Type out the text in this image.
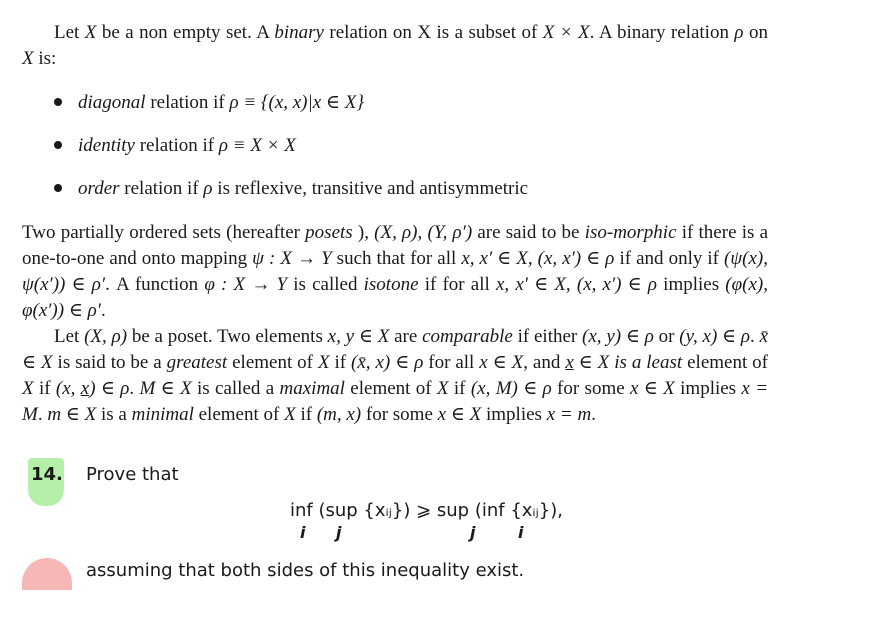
Let X be a non empty set. A binary relation on X is a subset of X × X. A binary relation ρ on X is:
diagonal relation if ρ ≡ {(x, x)|x ∈ X}
identity relation if ρ ≡ X × X
order relation if ρ is reflexive, transitive and antisymmetric
Two partially ordered sets (hereafter posets ), (X, ρ), (Y, ρ′) are said to be iso-morphic if there is a one-to-one and onto mapping ψ : X → Y such that for all x, x′ ∈ X, (x, x′) ∈ ρ if and only if (ψ(x), ψ(x′)) ∈ ρ′. A function φ : X → Y is called isotone if for all x, x′ ∈ X, (x, x′) ∈ ρ implies (φ(x), φ(x′)) ∈ ρ′.
Let (X, ρ) be a poset. Two elements x, y ∈ X are comparable if either (x, y) ∈ ρ or (y, x) ∈ ρ. x̄ ∈ X is said to be a greatest element of X if (x̄, x) ∈ ρ for all x ∈ X, and x ∈ X is a least element of X if (x, x) ∈ ρ. M ∈ X is called a maximal element of X if (x, M) ∈ ρ for some x ∈ X implies x = M. m ∈ X is a minimal element of X if (m, x) for some x ∈ X implies x = m.
14. Prove that
inf (sup {xᵢⱼ}) ⩾ sup (inf {xᵢⱼ}),
i j	j	i
assuming that both sides of this inequality exist.
